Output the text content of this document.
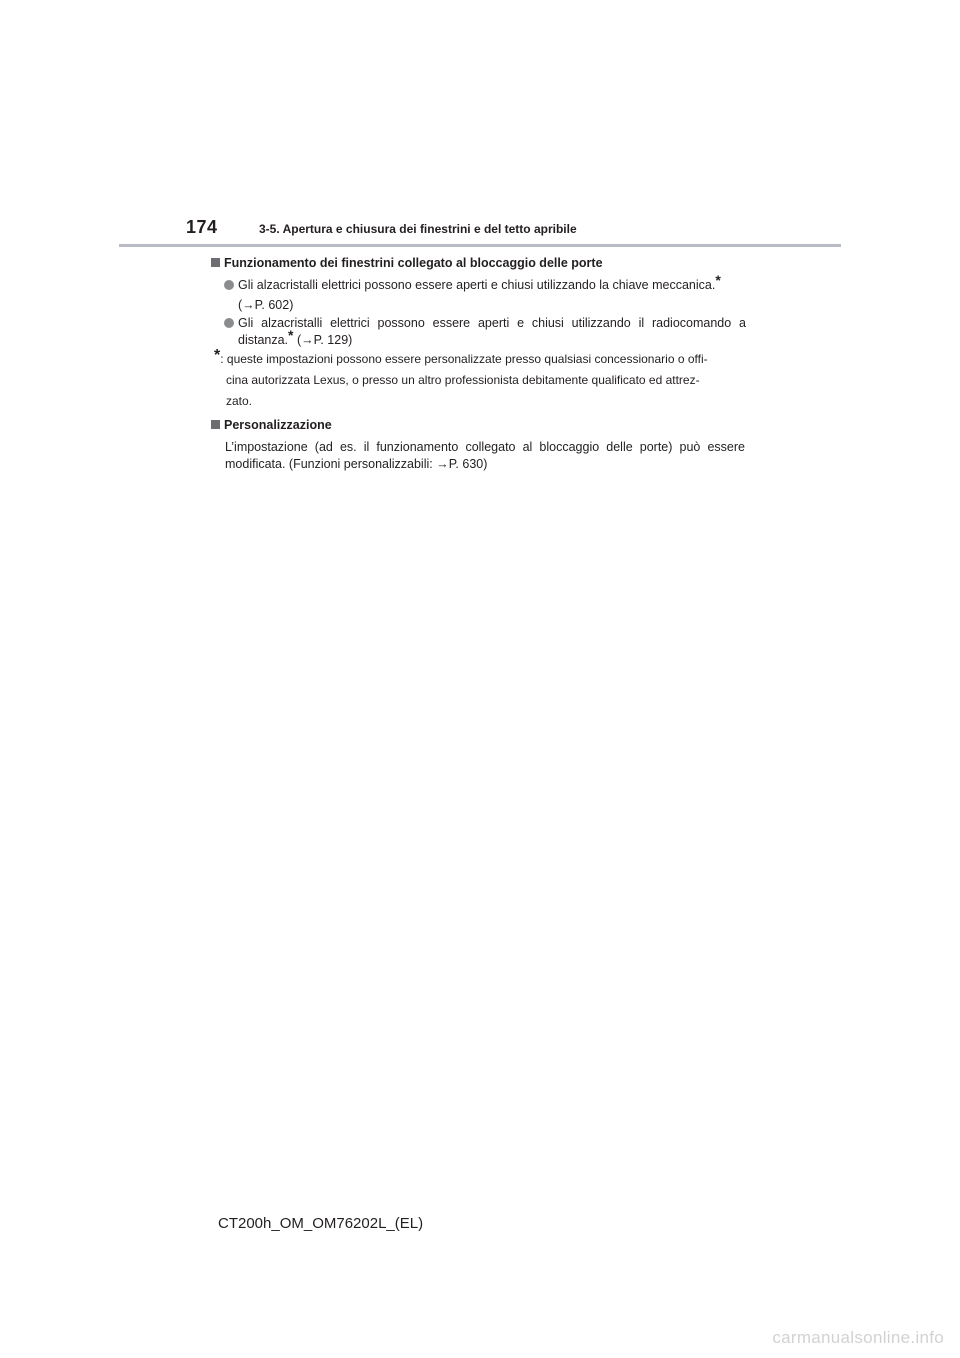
174	3-5. Apertura e chiusura dei finestrini e del tetto apribile
Funzionamento dei finestrini collegato al bloccaggio delle porte
Gli alzacristalli elettrici possono essere aperti e chiusi utilizzando la chiave meccanica.*
(→P. 602)
Gli alzacristalli elettrici possono essere aperti e chiusi utilizzando il radiocomando a
distanza.* (→P. 129)
*: queste impostazioni possono essere personalizzate presso qualsiasi concessionario o offi-
cina autorizzata Lexus, o presso un altro professionista debitamente qualificato ed attrez-
zato.
Personalizzazione
L’impostazione (ad es. il funzionamento collegato al bloccaggio delle porte) può essere
modificata. (Funzioni personalizzabili: →P. 630)
CT200h_OM_OM76202L_(EL)
carmanualsonline.info
